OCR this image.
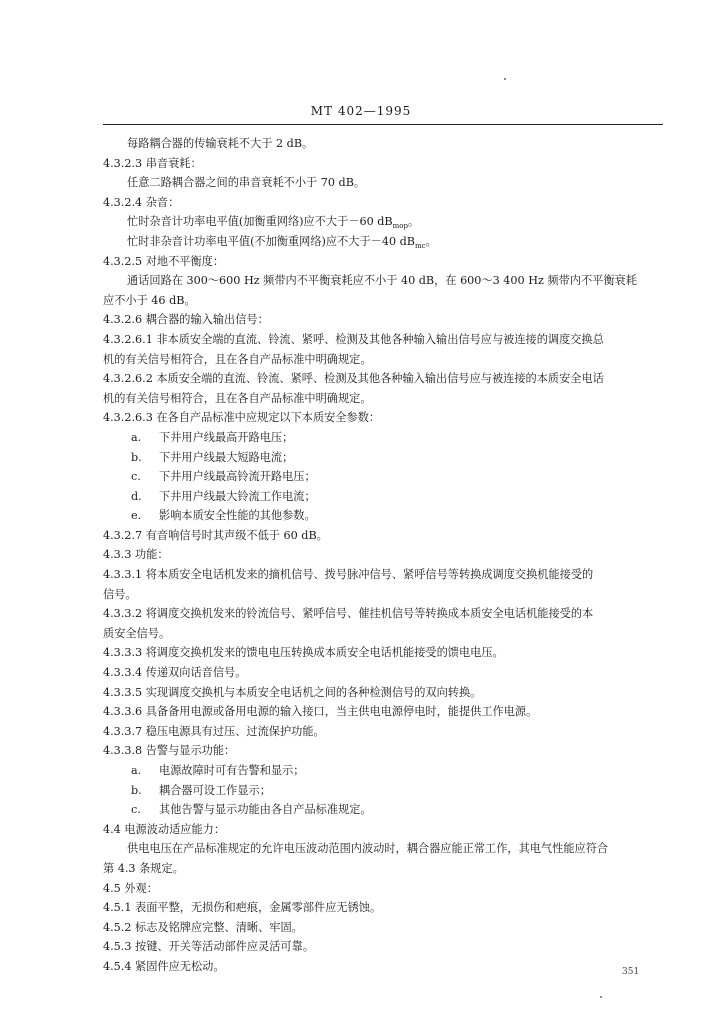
MT 402—1995
每路耦合器的传输衰耗不大于 2 dB。
4.3.2.3 串音衰耗：
任意二路耦合器之间的串音衰耗不小于 70 dB。
4.3.2.4 杂音：
忙时杂音计功率电平值(加衡重网络)应不大于－60 $dB_{mop}$。
忙时非杂音计功率电平值(不加衡重网络)应不大于－40 $dB_{mc}$。
4.3.2.5 对地不平衡度：
通话回路在 300～600 Hz 频带内不平衡衰耗应不小于 40 dB，在 600～3 400 Hz 频带内不平衡衰耗
应不小于 46 dB。
4.3.2.6 耦合器的输入输出信号：
4.3.2.6.1 非本质安全端的直流、铃流、紧呼、检测及其他各种输入输出信号应与被连接的调度交换总
机的有关信号相符合，且在各自产品标准中明确规定。
4.3.2.6.2 本质安全端的直流、铃流、紧呼、检测及其他各种输入输出信号应与被连接的本质安全电话
机的有关信号相符合，且在各自产品标准中明确规定。
4.3.2.6.3 在各自产品标准中应规定以下本质安全参数：
a. 下井用户线最高开路电压；
b. 下井用户线最大短路电流；
c. 下井用户线最高铃流开路电压；
d. 下井用户线最大铃流工作电流；
e. 影响本质安全性能的其他参数。
4.3.2.7 有音响信号时其声级不低于 60 dB。
4.3.3 功能：
4.3.3.1 将本质安全电话机发来的摘机信号、拨号脉冲信号、紧呼信号等转换成调度交换机能接受的
信号。
4.3.3.2 将调度交换机发来的铃流信号、紧呼信号、催挂机信号等转换成本质安全电话机能接受的本
质安全信号。
4.3.3.3 将调度交换机发来的馈电电压转换成本质安全电话机能接受的馈电电压。
4.3.3.4 传递双向话音信号。
4.3.3.5 实现调度交换机与本质安全电话机之间的各种检测信号的双向转换。
4.3.3.6 具备备用电源或备用电源的输入接口，当主供电电源停电时，能提供工作电源。
4.3.3.7 稳压电源具有过压、过流保护功能。
4.3.3.8 告警与显示功能：
a. 电源故障时可有告警和显示；
b. 耦合器可设工作显示；
c. 其他告警与显示功能由各自产品标准规定。
4.4 电源波动适应能力：
供电电压在产品标准规定的允许电压波动范围内波动时，耦合器应能正常工作，其电气性能应符合
第 4.3 条规定。
4.5 外观：
4.5.1 表面平整，无损伤和疤痕，金属零部件应无锈蚀。
4.5.2 标志及铭牌应完整、清晰、牢固。
4.5.3 按键、开关等活动部件应灵活可靠。
4.5.4 紧固件应无松动。	351
